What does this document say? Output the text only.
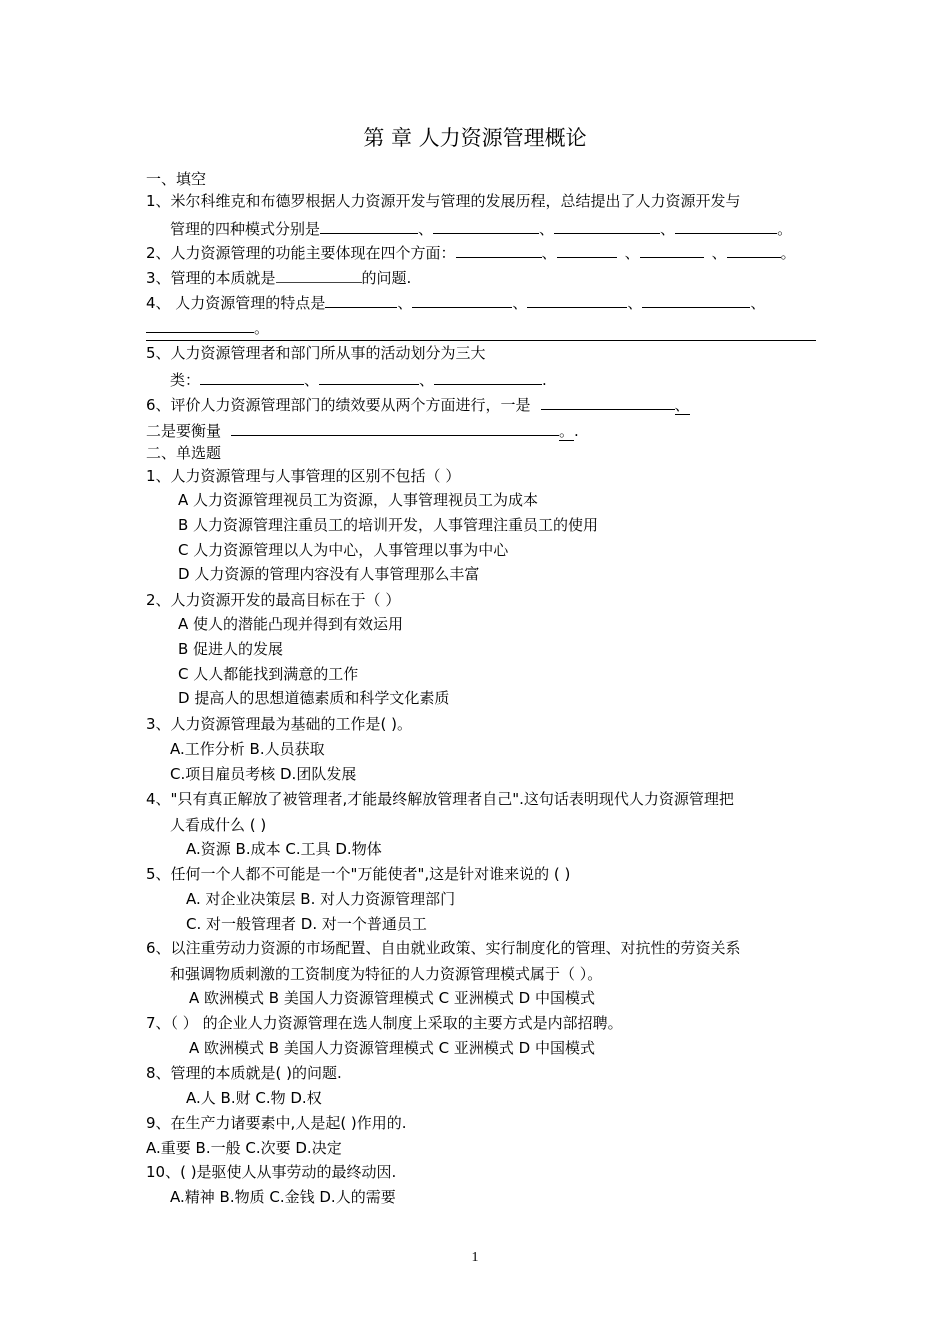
第 章 人力资源管理概论
一、填空
1、米尔科维克和布德罗根据人力资源开发与管理的发展历程，总结提出了人力资源开发与
管理的四种模式分别是	、	、	、	。
2、人力资源管理的功能主要体现在四个方面：	、	、	、	。
3、管理的本质就是	的问题.
4、 人力资源管理的特点是	、	、	、	、
。
5、人力资源管理者和部门所从事的活动划分为三大
类：	、	、	.
6、评价人力资源管理部门的绩效要从两个方面进行，一是	、
二是要衡量	。.
二、单选题
1、人力资源管理与人事管理的区别不包括（ ）
A 人力资源管理视员工为资源，人事管理视员工为成本
B 人力资源管理注重员工的培训开发，人事管理注重员工的使用
C 人力资源管理以人为中心，人事管理以事为中心
D 人力资源的管理内容没有人事管理那么丰富
2、人力资源开发的最高目标在于（ ）
A 使人的潜能凸现并得到有效运用
B 促进人的发展
C 人人都能找到满意的工作
D 提高人的思想道德素质和科学文化素质
3、人力资源管理最为基础的工作是( )。
A.工作分析 B.人员获取
C.项目雇员考核 D.团队发展
4、"只有真正解放了被管理者,才能最终解放管理者自己".这句话表明现代人力资源管理把
人看成什么 ( )
A.资源 B.成本 C.工具 D.物体
5、任何一个人都不可能是一个"万能使者",这是针对谁来说的 ( )
A. 对企业决策层 B. 对人力资源管理部门
C. 对一般管理者 D. 对一个普通员工
6、以注重劳动力资源的市场配置、自由就业政策、实行制度化的管理、对抗性的劳资关系
和强调物质刺激的工资制度为特征的人力资源管理模式属于（ ）。
A 欧洲模式 B 美国人力资源管理模式 C 亚洲模式 D 中国模式
7、（ ） 的企业人力资源管理在选人制度上采取的主要方式是内部招聘。
A 欧洲模式 B 美国人力资源管理模式 C 亚洲模式 D 中国模式
8、管理的本质就是( )的问题.
A.人 B.财 C.物 D.权
9、在生产力诸要素中,人是起( )作用的.
A.重要 B.一般 C.次要 D.决定
10、( )是驱使人从事劳动的最终动因.
A.精神 B.物质 C.金钱 D.人的需要
1
